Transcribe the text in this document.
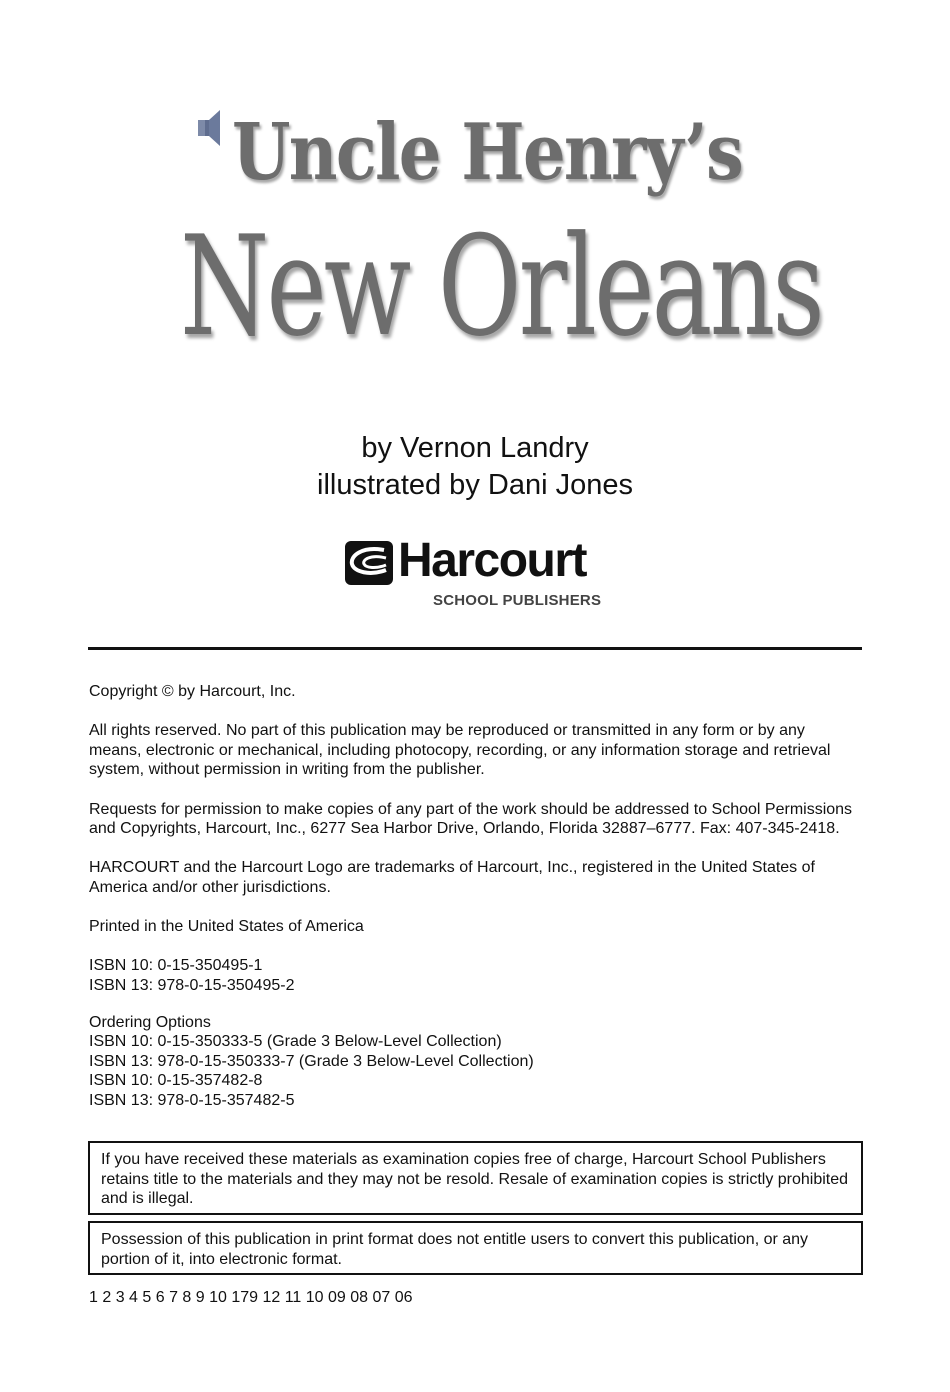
Uncle Henry’s
New Orleans
by Vernon Landry
illustrated by Dani Jones
Harcourt
SCHOOL PUBLISHERS

Copyright © by Harcourt, Inc.

All rights reserved. No part of this publication may be reproduced or transmitted in any form or by any means, electronic or mechanical, including photocopy, recording, or any information storage and retrieval system, without permission in writing from the publisher.

Requests for permission to make copies of any part of the work should be addressed to School Permissions and Copyrights, Harcourt, Inc., 6277 Sea Harbor Drive, Orlando, Florida 32887–6777. Fax: 407-345-2418.

HARCOURT and the Harcourt Logo are trademarks of Harcourt, Inc., registered in the United States of America and/or other jurisdictions.

Printed in the United States of America

ISBN 10: 0-15-350495-1
ISBN 13: 978-0-15-350495-2
Ordering Options
ISBN 10: 0-15-350333-5 (Grade 3 Below-Level Collection)
ISBN 13: 978-0-15-350333-7 (Grade 3 Below-Level Collection)
ISBN 10: 0-15-357482-8
ISBN 13: 978-0-15-357482-5
If you have received these materials as examination copies free of charge, Harcourt School Publishers retains title to the materials and they may not be resold. Resale of examination copies is strictly prohibited and is illegal.
Possession of this publication in print format does not entitle users to convert this publication, or any portion of it, into electronic format.
1 2 3 4 5 6 7 8 9 10 179 12 11 10 09 08 07 06
